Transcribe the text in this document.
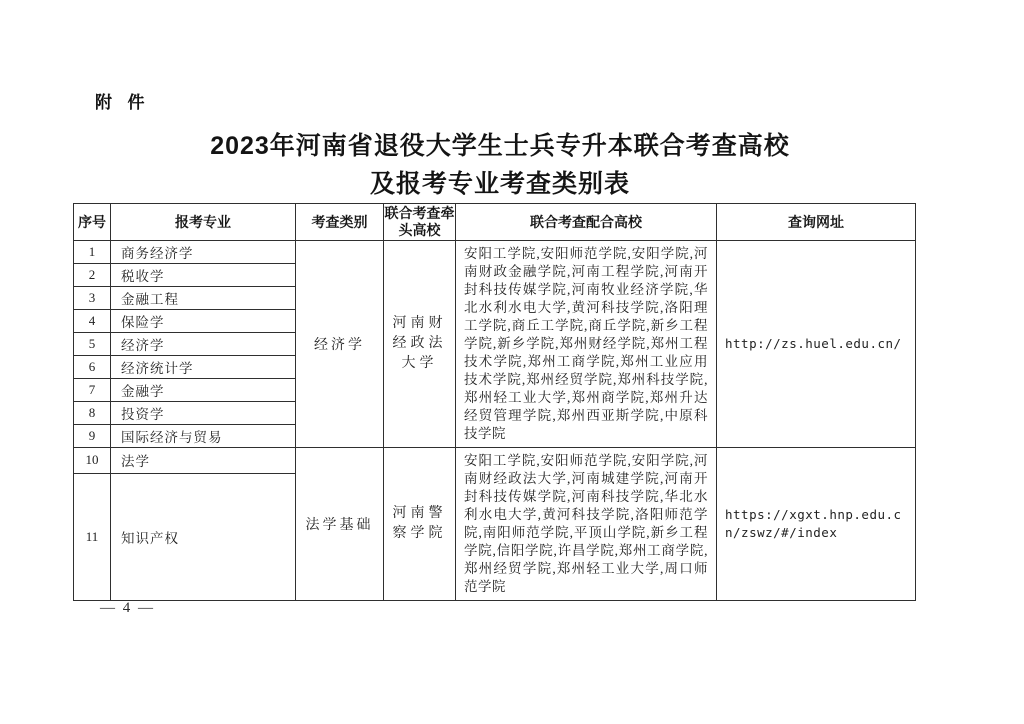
附  件
2023年河南省退役大学生士兵专升本联合考查高校
及报考专业考查类别表
序号	报考专业	考查类别	联合考查牵头高校	联合考查配合高校	查询网址
1	商务经济学	经济学	河南财经政法大学	安阳工学院,安阳师范学院,安阳学院,河南财政金融学院,河南工程学院,河南开封科技传媒学院,河南牧业经济学院,华北水利水电大学,黄河科技学院,洛阳理工学院,商丘工学院,商丘学院,新乡工程学院,新乡学院,郑州财经学院,郑州工程技术学院,郑州工商学院,郑州工业应用技术学院,郑州经贸学院,郑州科技学院,郑州轻工业大学,郑州商学院,郑州升达经贸管理学院,郑州西亚斯学院,中原科技学院	http://zs.huel.edu.cn/
2	税收学				
3	金融工程				
4	保险学				
5	经济学				
6	经济统计学				
7	金融学				
8	投资学				
9	国际经济与贸易				
10	法学	法学基础	河南警察学院	安阳工学院,安阳师范学院,安阳学院,河南财经政法大学,河南城建学院,河南开封科技传媒学院,河南科技学院,华北水利水电大学,黄河科技学院,洛阳师范学院,南阳师范学院,平顶山学院,新乡工程学院,信阳学院,许昌学院,郑州工商学院,郑州经贸学院,郑州轻工业大学,周口师范学院	https://xgxt.hnp.edu.cn/zswz/#/index
11	知识产权				
— 4 —
